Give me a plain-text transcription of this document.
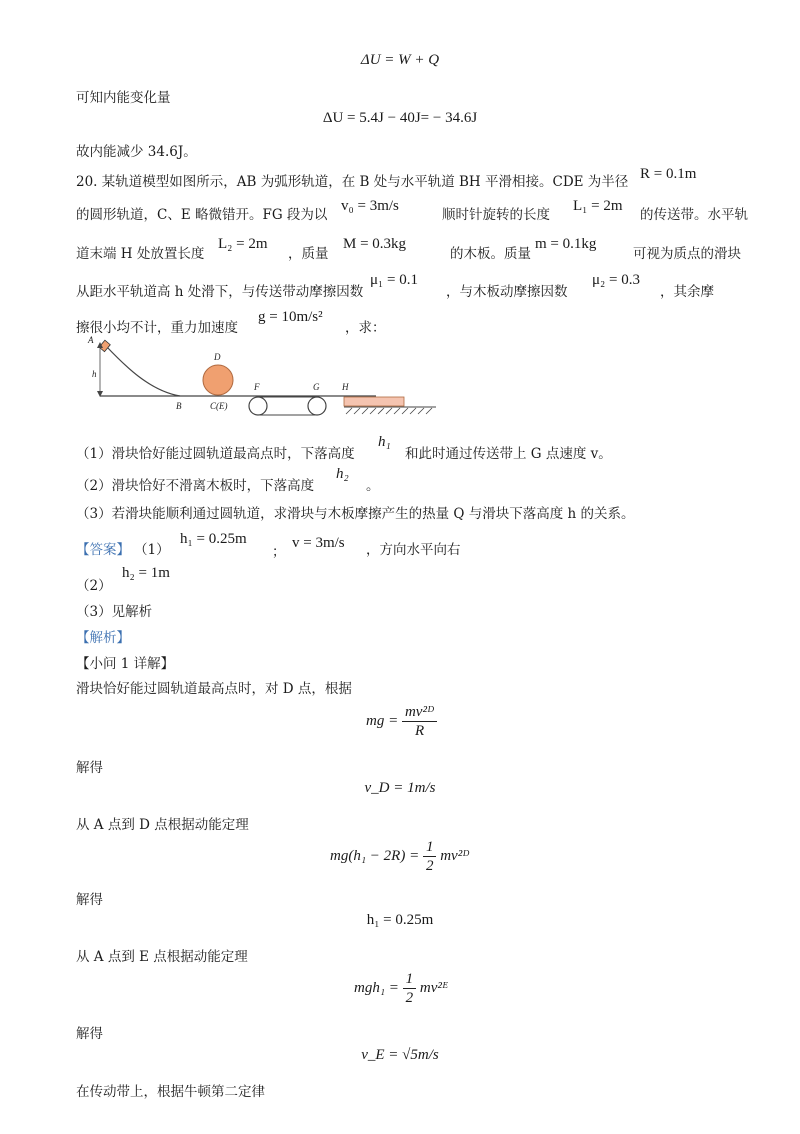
ΔU = W + Q
可知内能变化量
ΔU = 5.4J − 40J= − 34.6J
故内能减少 34.6J。
20. 某轨道模型如图所示，AB 为弧形轨道，在 B 处与水平轨道 BH 平滑相接。CDE 为半径 R = 0.1m
的圆形轨道，C、E 略微错开。FG 段为以
v₀ = 3m/s
顺时针旋转的长度
L₁ = 2m
的传送带。水平轨
道末端 H 处放置长度
L₂ = 2m
，质量
M = 0.3kg
的木板。质量
m = 0.1kg
可视为质点的滑块
从距水平轨道高 h 处滑下，与传送带动摩擦因数
μ₁ = 0.1
，与木板动摩擦因数
μ₂ = 0.3
，其余摩
擦很小均不计，重力加速度
g = 10m/s²
，求：
A
h
B
D
C(E)
F	G	H
（1）滑块恰好能过圆轨道最高点时，下落高度
h₁
和此时通过传送带上 G 点速度 v。
（2）滑块恰好不滑离木板时，下落高度
h₂
。
（3）若滑块能顺利通过圆轨道，求滑块与木板摩擦产生的热量 Q 与滑块下落高度 h 的关系。
【答案】 （1）
h₁ = 0.25m
；
v = 3m/s ，方向水平向右
（2）
h₂ = 1m
（3）见解析
【解析】
【小问 1 详解】
滑块恰好能过圆轨道最高点时，对 D 点，根据
mg = $\frac{\text{mv²ᴰ}}{R}$
解得
v_D = 1m/s
从 A 点到 D 点根据动能定理
$mg(h_1 - 2R) = \frac{1}{2}$ mv²ᴰ
解得
h₁ = 0.25m
从 A 点到 E 点根据动能定理
$mgh_1 = \frac{1}{2}$ mv²ᴱ
解得
v_E = √5m/s
在传动带上，根据牛顿第二定律
